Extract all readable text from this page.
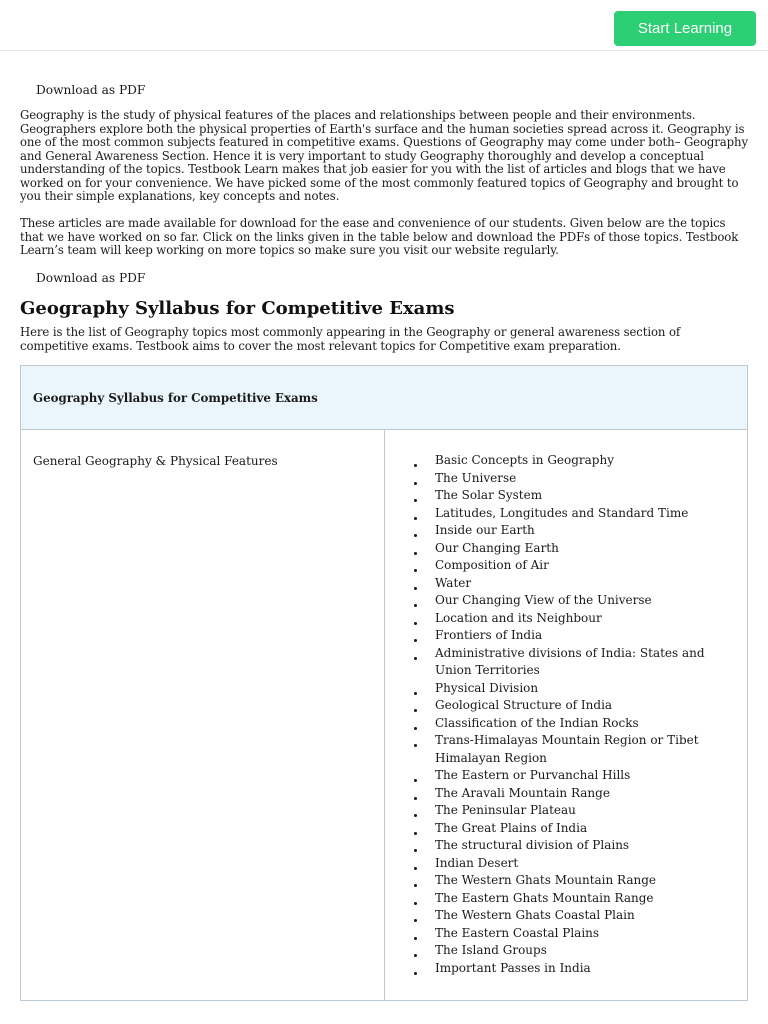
Start Learning
Download as PDF

Geography is the study of physical features of the places and relationships between people and their environments. Geographers explore both the physical properties of Earth's surface and the human societies spread across it. Geography is one of the most common subjects featured in competitive exams. Questions of Geography may come under both– Geography and General Awareness Section. Hence it is very important to study Geography thoroughly and develop a conceptual understanding of the topics. Testbook Learn makes that job easier for you with the list of articles and blogs that we have worked on for your convenience. We have picked some of the most commonly featured topics of Geography and brought to you their simple explanations, key concepts and notes.

These articles are made available for download for the ease and convenience of our students. Given below are the topics that we have worked on so far. Click on the links given in the table below and download the PDFs of those topics. Testbook Learn’s team will keep working on more topics so make sure you visit our website regularly.

Download as PDF
Geography Syllabus for Competitive Exams

Here is the list of Geography topics most commonly appearing in the Geography or general awareness section of competitive exams. Testbook aims to cover the most relevant topics for Competitive exam preparation.

Geography Syllabus for Competitive Exams
General Geography & Physical Features	Basic Concepts in Geography
The Universe
The Solar System
Latitudes, Longitudes and Standard Time
Inside our Earth
Our Changing Earth
Composition of Air
Water
Our Changing View of the Universe
Location and its Neighbour
Frontiers of India
Administrative divisions of India: States and Union Territories
Physical Division
Geological Structure of India
Classification of the Indian Rocks
Trans-Himalayas Mountain Region or Tibet Himalayan Region
The Eastern or Purvanchal Hills
The Aravali Mountain Range
The Peninsular Plateau
The Great Plains of India
The structural division of Plains
Indian Desert
The Western Ghats Mountain Range
The Eastern Ghats Mountain Range
The Western Ghats Coastal Plain
The Eastern Coastal Plains
The Island Groups
Important Passes in India
